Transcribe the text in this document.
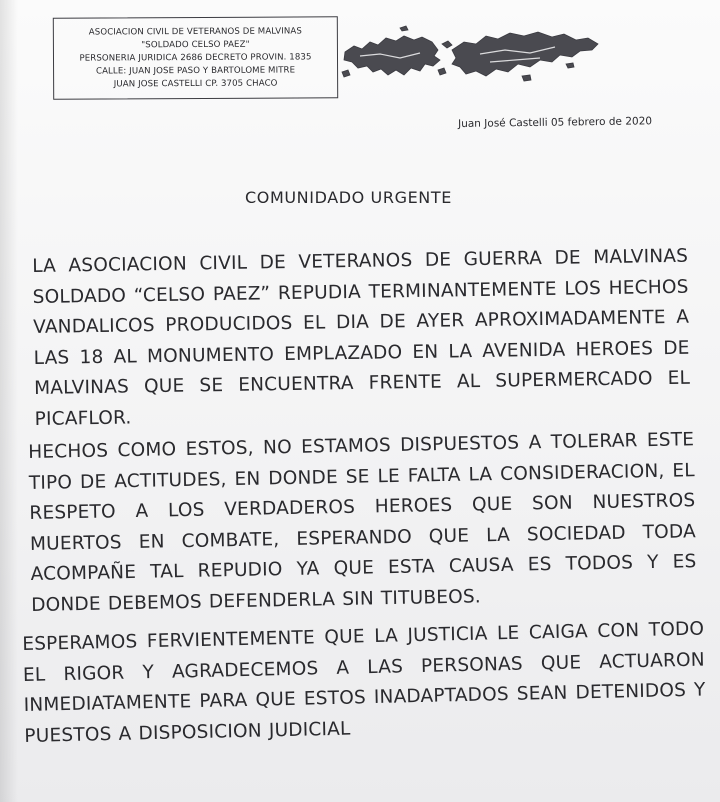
ASOCIACION CIVIL DE VETERANOS DE MALVINAS
"SOLDADO CELSO PAEZ"
PERSONERIA JURIDICA 2686 DECRETO PROVIN. 1835
CALLE: JUAN JOSE PASO Y BARTOLOME MITRE
JUAN JOSE CASTELLI CP. 3705 CHACO
Juan José Castelli 05 febrero de 2020
COMUNIDADO URGENTE
LA ASOCIACION CIVIL DE VETERANOS DE GUERRA DE MALVINAS SOLDADO “CELSO PAEZ” REPUDIA TERMINANTEMENTE LOS HECHOS VANDALICOS PRODUCIDOS EL DIA DE AYER APROXIMADAMENTE A LAS 18 AL MONUMENTO EMPLAZADO EN LA AVENIDA HEROES DE MALVINAS QUE SE ENCUENTRA FRENTE AL SUPERMERCADO EL PICAFLOR.
HECHOS COMO ESTOS, NO ESTAMOS DISPUESTOS A TOLERAR ESTE TIPO DE ACTITUDES, EN DONDE SE LE FALTA LA CONSIDERACION, EL RESPETO A LOS VERDADEROS HEROES QUE SON NUESTROS MUERTOS EN COMBATE, ESPERANDO QUE LA SOCIEDAD TODA ACOMPAÑE TAL REPUDIO YA QUE ESTA CAUSA ES TODOS Y ES DONDE DEBEMOS DEFENDERLA SIN TITUBEOS.
ESPERAMOS FERVIENTEMENTE QUE LA JUSTICIA LE CAIGA CON TODO EL RIGOR Y AGRADECEMOS A LAS PERSONAS QUE ACTUARON INMEDIATAMENTE PARA QUE ESTOS INADAPTADOS SEAN DETENIDOS Y PUESTOS A DISPOSICION JUDICIAL
